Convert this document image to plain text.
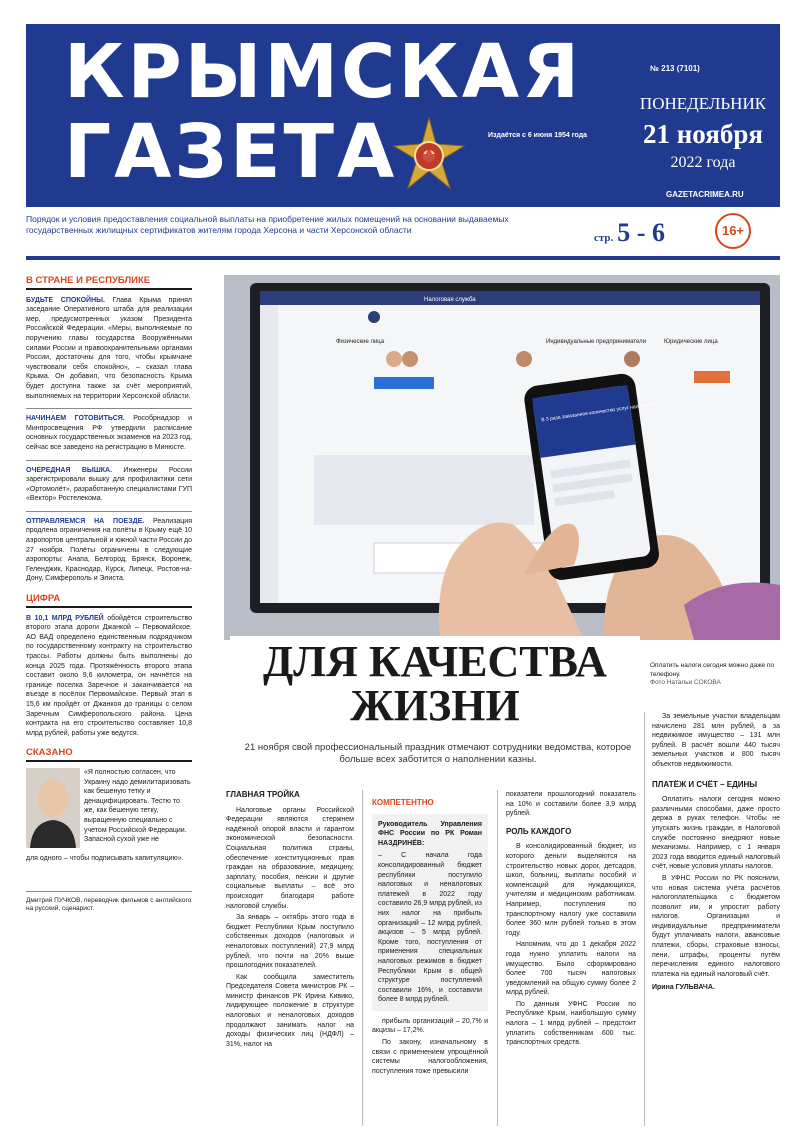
КРЫМСКАЯ
ГАЗЕТА	Издаётся с 6 июня 1954 года
№ 213 (7101)
ПОНЕДЕЛЬНИК
21 ноября
2022 года
GAZETACRIMEA.RU
Порядок и условия предоставления социальной выплаты на приобретение жилых помещений на основании выдаваемых государственных жилищных сертификатов жителям города Херсона и части Херсонской области
стр. 5 - 6	16+
В СТРАНЕ И РЕСПУБЛИКЕ
БУДЬТЕ СПОКОЙНЫ. Глава Крыма принял заседание Оперативного штаба для реализации мер, предусмотренных указом Президента Российской Федерации. «Меры, выполняемые по поручению главы государства Вооружёнными силами России и правоохранительными органами России, достаточны для того, чтобы крымчане чувствовали себя спокойно», – сказал глава Крыма. Он добавил, что безопасность Крыма будет доступна также за счёт мероприятий, выполняемых на территории Херсонской области.
НАЧИНАЕМ ГОТОВИТЬСЯ. Рособрнадзор и Минпросвещения РФ утвердили расписание основных государственных экзаменов на 2023 год, сейчас все заведено на регистрацию в Минюсте.
ОЧЕРЕДНАЯ ВЫШКА. Инженеры России зарегистрировали вышку для профилактики сети «Ортомолёт», разработанную специалистами ГУП «Вектор» Ростелекома.
ОТПРАВЛЯЕМСЯ НА ПОЕЗДЕ. Реализация продлена ограничения на полёты в Крыму ещё 10 аэропортов центральной и южной части России до 27 ноября. Полёты ограничены в следующие аэропорты: Анапа, Белгород, Брянск, Воронеж, Геленджик, Краснодар, Курск, Липецк, Ростов-на-Дону, Симферополь и Элиста.
ЦИФРА
В 10,1 МЛРД РУБЛЕЙ обойдётся строительство второго этапа дороги Джанкой – Первомайское. АО ВАД определено единственным подрядчиком по государственному контракту на строительство трассы. Работы должны быть выполнены до конца 2025 года. Протяжённость второго этапа составит около 9,6 километра, он начнётся на границе поселка Заречное и заканчивается на въезде в посёлок Первомайское. Первый этап в 15,6 км пройдёт от Джанкоя до границы с селом Заречным Симферопольского района. Цена контракта на его строительство составляет 10,8 млрд рублей, работы уже ведутся.
СКАЗАНО
«Я полностью согласен, что Украину надо демилитаризовать как бешеную тетку и денацифицировать. Тестю то же, как бешеную тетку, выращенную специально с учетом Российской Федерации. Запасной сухой уже не
для одного – чтобы подписывать капитуляцию».
Дмитрий ПУЧКОВ, переводчик фильмов с английского на русский, сценарист.
Налоговая служба
Физические лица	Индивидуальные предприниматели	Юридические лица
В 3 раза заказанное количество услуг налоговиков
Оплатить налоги сегодня можно даже по телефону.
Фото Натальи СОКОВА
ДЛЯ КАЧЕСТВА
ЖИЗНИ
21 ноября свой профессиональный праздник отмечают сотрудники ведомства, которое больше всех заботится о наполнении казны.
ГЛАВНАЯ ТРОЙКА

Налоговые органы Российской Федерации являются стержнем надёжной опорой власти и гарантом экономической безопасности. Социальная политика страны, обеспечение конституционных прав граждан на образование, медицину, зарплату, пособия, пенсии и другие социальные выплаты – всё это происходит благодаря работе налоговой службы.

За январь – октябрь этого года в бюджет Республики Крым поступило собственных доходов (налоговых и неналоговых поступлений) 27,9 млрд рублей, что почти на 20% выше прошлогодних показателей.

Как сообщила заместитель Председателя Совета министров РК – министр финансов РК Ирина Кивико, лидирующее положение в структуре налоговых и неналоговых доходов продолжают занимать налог на доходы физических лиц (НДФЛ) – 31%, налог на

КОМПЕТЕНТНО
Руководитель Управления ФНС России по РК Роман НАЗДРИНЁВ:
– С начала года консолидированный бюджет республики поступило налоговых и неналоговых платежей в 2022 году составило 26,9 млрд рублей, из них налог на прибыль организаций – 12 млрд рублей, акцизов – 5 млрд рублей. Кроме того, поступления от применения специальных налоговых режимов в бюджет Республики Крым в общей структуре поступлений составили 16%, и составили более 8 млрд рублей.

прибыль организаций – 20,7% и акцизы – 17,2%.

По закону, изначальному в связи с применением упрощённой системы налогообложения, поступления тоже превысили

показатели прошлогодний показатель на 10% и составили более 3,9 млрд рублей.

РОЛЬ КАЖДОГО

В консолидированный бюджет, из которого деньги выделяются на строительство новых дорог, детсадов, школ, больниц, выплаты пособий и компенсаций для нуждающихся, учителям и медицинским работникам. Например, поступления по транспортному налогу уже составили более 360 млн рублей только в этом году.

Напомним, что до 1 декабря 2022 года нужно уплатить налоги на имущество. Было сформировано более 700 тысяч налоговых уведомлений на общую сумму более 2 млрд рублей.

По данным УФНС России по Республике Крым, наибольшую сумму налога – 1 млрд рублей – предстоит уплатить собственникам 600 тыс. транспортных средств.

За земельные участки владельцам начислено 281 млн рублей, а за недвижимое имущество – 131 млн рублей. В расчёт вошли 440 тысяч земельных участков и 800 тысяч объектов недвижимости.

ПЛАТЁЖ И СЧЁТ – ЕДИНЫ

Оплатить налоги сегодня можно различными способами, даже просто держа в руках телефон. Чтобы не упускать жизнь граждан, в Налоговой службе постоянно внедряют новые механизмы. Например, с 1 января 2023 года вводится единый налоговый счёт, новые условия уплаты налогов.

В УФНС России по РК пояснили, что новая система учёта расчётов налогоплательщика с бюджетом позволит им, и упростит работу налогов. Организации и индивидуальные предприниматели будут уплачивать налоги, авансовые платежи, сборы, страховые взносы, пени, штрафы, проценты путём перечисления единого налогового платежа на единый налоговый счёт.

Ирина ГУЛЬВАЧА.
